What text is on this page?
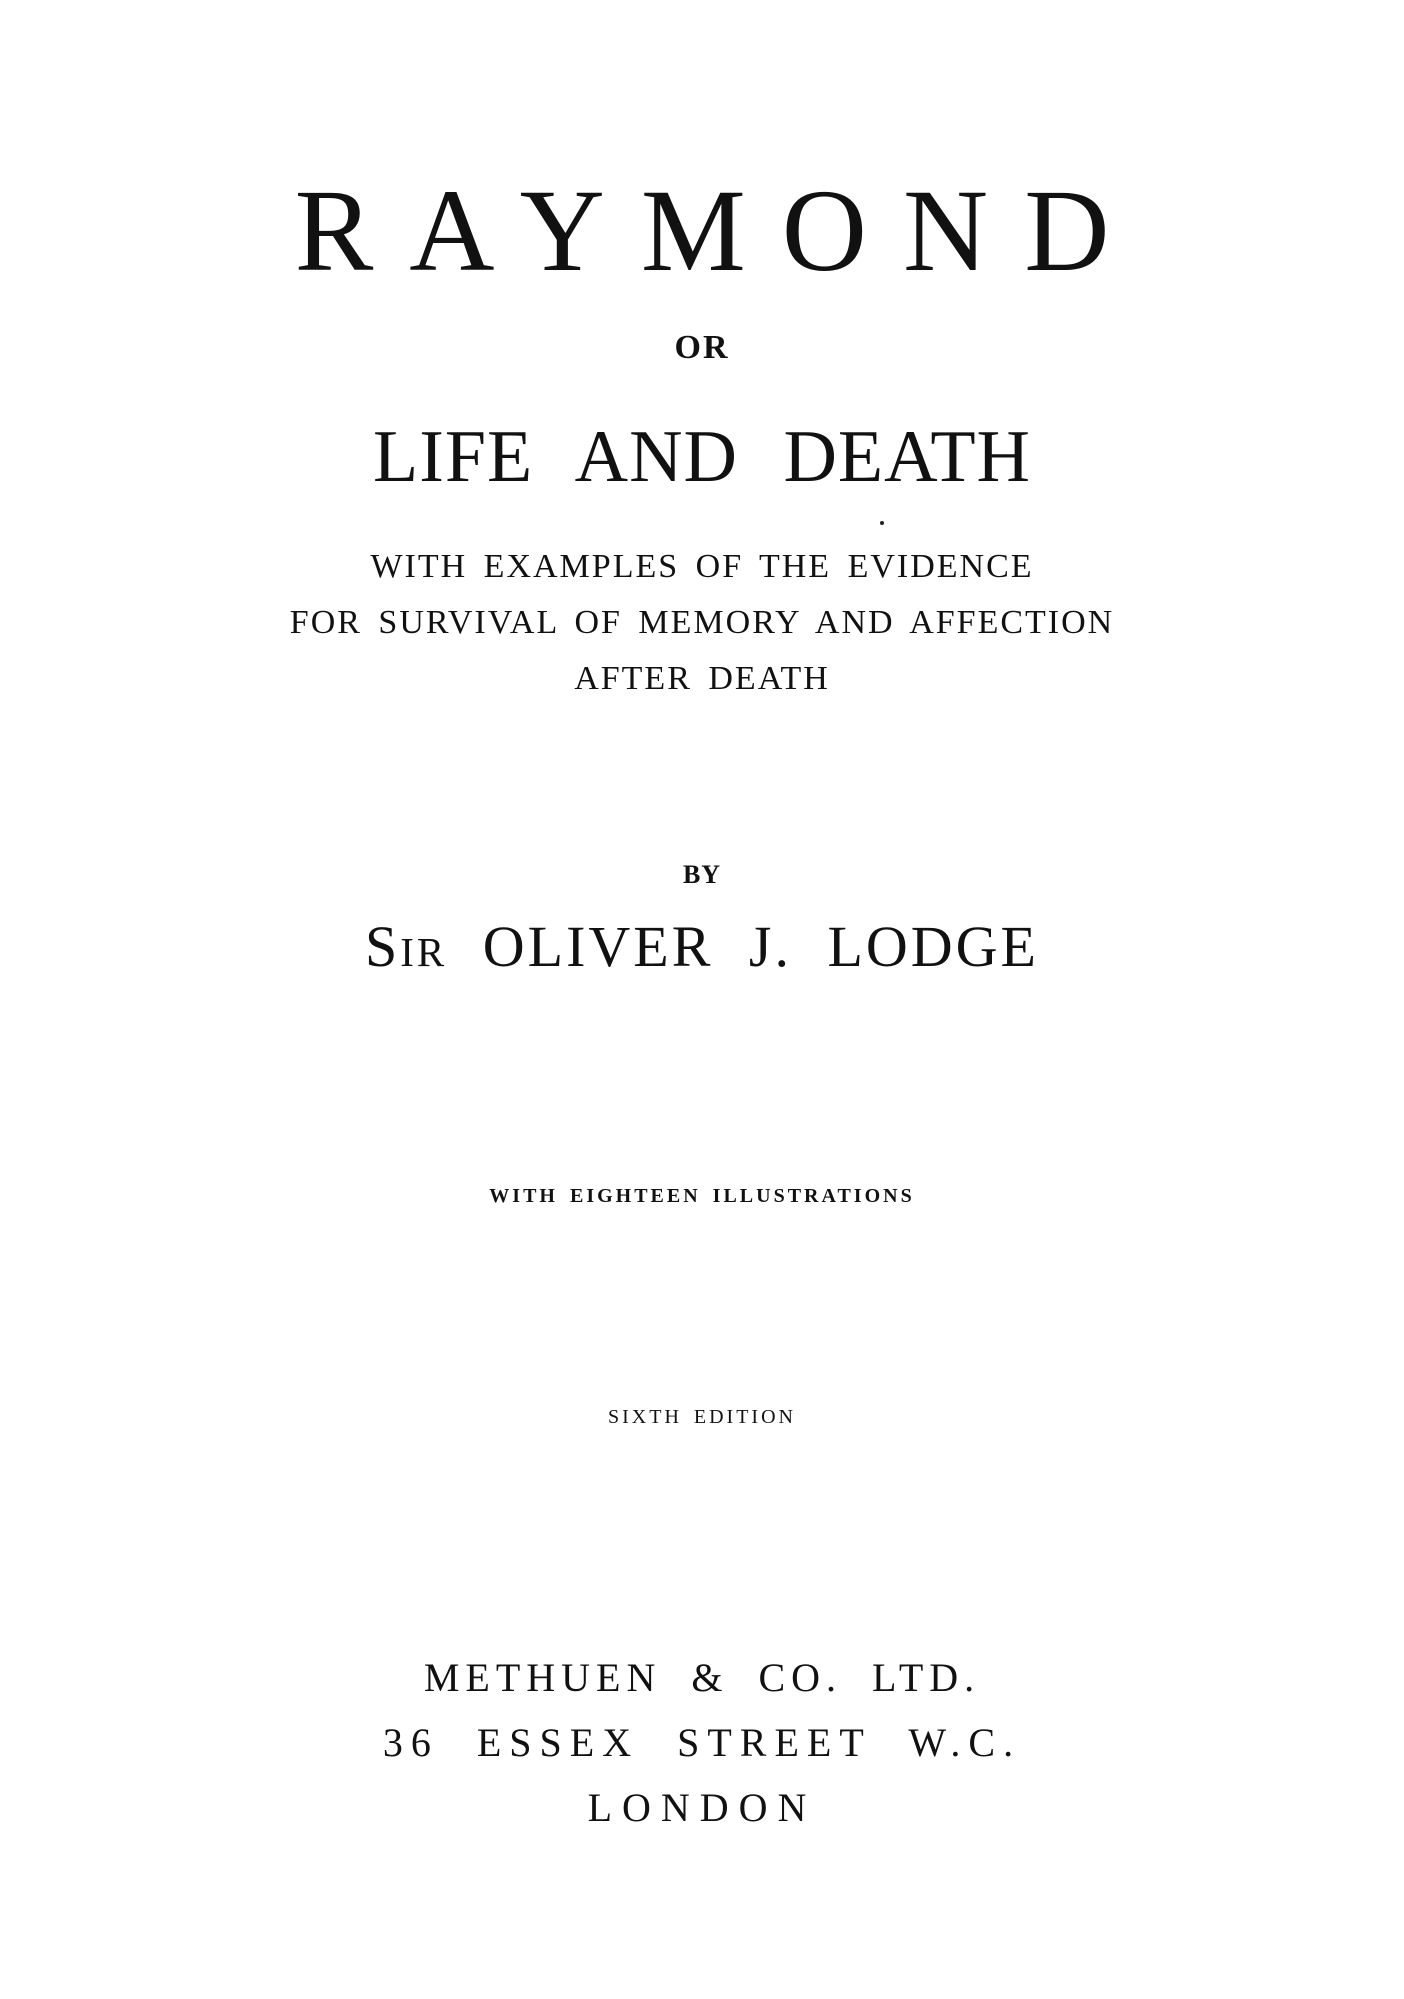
RAYMOND
OR
LIFE AND DEATH
WITH EXAMPLES OF THE EVIDENCE
FOR SURVIVAL OF MEMORY AND AFFECTION
AFTER DEATH
BY
Sir OLIVER J. LODGE
WITH EIGHTEEN ILLUSTRATIONS
SIXTH EDITION
METHUEN & CO. LTD.
36 ESSEX STREET W.C.
LONDON
